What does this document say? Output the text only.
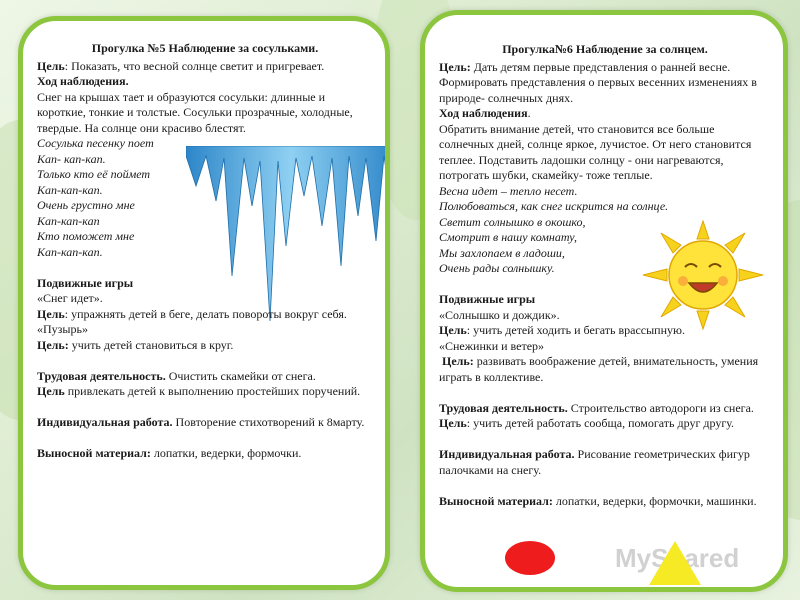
Прогулка №5 Наблюдение за сосульками.
Цель: Показать, что весной солнце светит и пригревает.
Ход наблюдения.
Снег на крышах тает и образуются сосульки: длинные и короткие, тонкие и толстые. Сосульки прозрачные, холодные, твердые. На солнце они красиво блестят.
Сосулька песенку поет
Кап- кап-кап.
Только кто её поймет
Кап-кап-кап.
Очень грустно мне
Кап-кап-кап
Кто поможет мне
Кап-кап-кап.
Подвижные игры
«Снег идет».
Цель: упражнять детей в беге, делать повороты вокруг себя.
«Пузырь»
Цель: учить детей становиться в круг.
Трудовая деятельность. Очистить скамейки от снега.
Цель привлекать детей к выполнению простейших поручений.
Индивидуальная работа. Повторение стихотворений к 8марту.
Выносной материал: лопатки, ведерки, формочки.
Прогулка№6 Наблюдение за солнцем.
Цель: Дать детям первые представления о ранней весне. Формировать представления о первых весенних изменениях в природе- солнечных днях.
Ход наблюдения.
Обратить внимание детей, что становится все больше солнечных дней, солнце яркое, лучистое. От него становится теплее. Подставить ладошки солнцу - они нагреваются, потрогать шубки, скамейку- тоже теплые.
Весна идет – тепло несет.
Полюбоваться, как снег искрится на солнце.
Светит солнышко в окошко,
Смотрит в нашу комнату,
Мы захлопаем в ладоши,
Очень рады солнышку.
Подвижные игры
«Солнышко и дождик».
Цель: учить детей ходить и бегать врассыпную.
«Снежинки и ветер»
Цель: развивать воображение детей, внимательность, умения играть в коллективе.
Трудовая деятельность. Строительство автодороги из снега.
Цель: учить детей работать сообща, помогать друг другу.
Индивидуальная работа. Рисование геометрических фигур палочками на снегу.
Выносной материал: лопатки, ведерки, формочки, машинки.
MyShared
